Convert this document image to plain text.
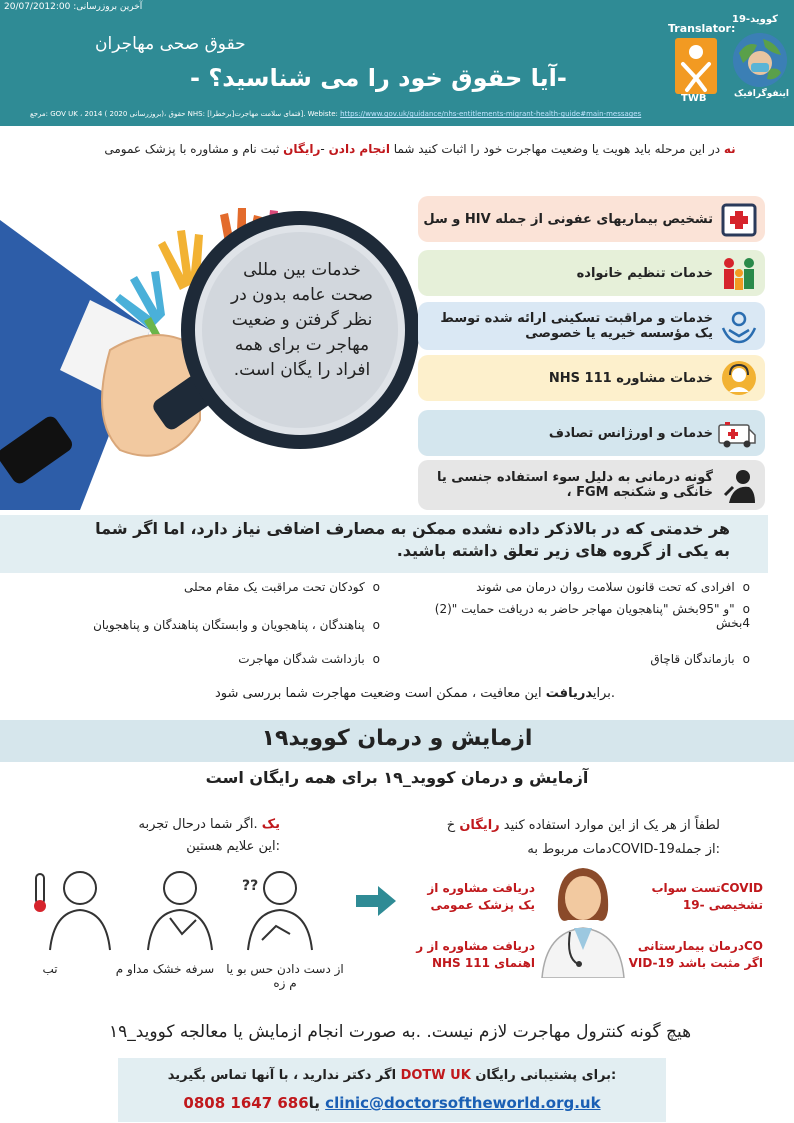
20/07/2012:00 :آخرین بروزرسانی
حقوق صحی مهاجران
-آیا حقوق خود را می شناسید؟ -
مرجع: GOV UK ، 2014 ( بروزرسانی 2020)، حقوق NHS: [برخطرا]فتمای سلامت مهاجرت]. Webiste: https://www.gov.uk/guidance/nhs-entitlements-migrant-health-guide#main-messages
Translator:
19-کووید
TWB	اینفوگرافیک
نه در این مرحله باید هویت یا وضعیت مهاجرت خود را اثبات کنید شما انجام دادن -رایگان ثبت نام و مشاوره با پزشک عمومی
خدمات بین مللی صحت عامه بدون در نظر گرفتن و ضعیت مهاجر ت برای همه افراد را یگان است.
تشخیص بیماریهای عفونی از جمله HIV و سل
خدمات تنظیم خانواده
خدمات و مراقبت تسکینی ارائه شده توسط یک مؤسسه خیریه یا خصوصی
خدمات مشاوره NHS 111
خدمات و اورژانس تصادف
گونه درمانی به دلیل سوء استفاده جنسی یا خانگی و شکنجه FGM ،
هر خدمتی که در بالاذکر داده نشده ممکن به مصارف اضافی نیاز دارد، اما اگر شما به یکی از گروه های زیر تعلق داشته باشید.
oافرادی که تحت قانون سلامت روان درمان می شوند
o"و "95بخش "پناهجویان مهاجر حاضر به دریافت حمایت "(2) 4بخش
oبازماندگان قاچاق
oکودکان تحت مراقبت یک مقام محلی
oپناهندگان ، پناهجویان و وابستگان پناهندگان و پناهجویان
oبازداشت شدگان مهاجرت
.برایدریافت این معافیت ، ممکن است وضعیت مهاجرت شما بررسی شود
ازمایش و درمان کووید١٩
آزمایش و درمان کووید_١٩ برای همه رایگان است
لطفاً از هر یک از این موارد استفاده کنید رایگان خ
:از جملهCOVID-19دمات مربوط به
یک .اگر شما درحال تجربه
:این علایم هستین
??
تب	سرفه خشک مداو م	از دست دادن حس بو یا م زه
COVIDتست سواب تشخیصی -19
دریافت مشاوره از یک پزشک عمومی
COدرمان بیمارستانی اگر مثبت باشد VID-19
دریافت مشاوره از ر اهنمای NHS 111
هیچ گونه کنترول مهاجرت لازم نیست. .به صورت انجام ازمایش یا معالجه کووید_١٩
:برای پشتیبانی رایگان DOTW UK اگر دکتر ندارید ، با آنها تماس بگیرید
0808 1647 686یا clinic@doctorsoftheworld.org.uk
